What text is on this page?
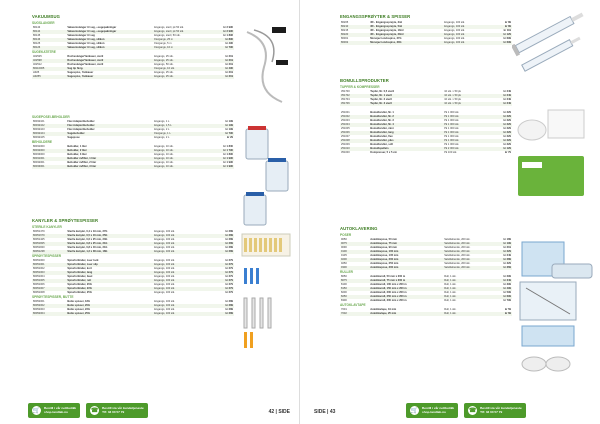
VAKUUMSUG
SUGSLANGER
86143	Vakuumslanger til sug, +sugepakningar	Engangs, steril, pk 50 stk.	kr 2 990
86144	Vakuumslanger til sug, +sugepakningar	Engangs, steril, pk 50 stk.	kr 2 990
86145	Vakuumslanger til sug	Engangs, steril, 50 stk.	kr 1 896
86146	Vakuumslanger til sug, silikon	Flergangs, 25 m	kr 890
86125	Vakuumslanger til sug, silikon	Flergangs, 5 m	kr 490
86126	Vakuumslanger til sug, silikon	Flergangs, 10 m	kr 790
SUGEKATETRE
402525	Rocheslange/Yankauer, steril	Engangs, 25 stk.	kr 219
402598	Rocheslange/Yankauer, steril	Engangs, 25 stk.	kr 219
402512	Rocheslange/Yankauer, steril	Engangs, 50 stk.	kr 219
86110005	Sug tip flerg.	Flergangs, 10 stk.	kr 490
H925	Sugespiss, Yankauer	Engangs, 25 stk.	kr 219
H9255	Sugespiss, Yankauer	Engangs, 25 stk.	kr 219
SUGEPOSE/-BEHOLDER
86032101	Flex Adapter/beholder	Engangs, 1 L	kr 199
86032102	Flex Adapter/beholder	Engangs, 1,5 L	kr 199
86032103	Flex Adapter/beholder	Engangs, 2 L	kr 199
86032104	Sugebeholder	Flergangs, 1 L	kr 790
86032105	Sugepose	Engangs, 2 L	kr 29
BEHOLDERE
86031000	Beholder, 1 liter	Engangs, 10 stk.	kr 1 830
86032000	Beholder, 2 liter	Engangs, 10 stk.	kr 1 790
86033000	Beholder, 3 liter	Engangs, 10 stk.	kr 1 890
86031001	Beholder m/filter, 1 liter	Engangs, 10 stk.	kr 1 990
86032001	Beholder m/filter, 2 liter	Engangs, 10 stk.	kr 1 990
86033001	Beholder m/filter, 3 liter	Engangs, 10 stk.	kr 1 990
KANYLER & SPRØYTESPISSER
STERILE KANYLER
86051479	Sterile kanyler, 0,4 x 19 mm, 27G	Engangs, 100 stk.	kr 289
86051679	Sterile kanyler, 0,5 x 16 mm, 25G	Engangs, 100 stk.	kr 289
86051425	Sterile kanyler, 0,6 x 25 mm, 23G	Engangs, 100 stk.	kr 289
86051825	Sterile kanyler, 0,8 x 25 mm, 21G	Engangs, 100 stk.	kr 289
86051840	Sterile kanyler, 0,8 x 40 mm, 21G	Engangs, 100 stk.	kr 289
86051238	Sterile kanyler, 1,2 x 38 mm, 18G	Engangs, 100 stk.	kr 289
SPRØYTESPISSER
86051000	Spissforbinder, Luer lock	Engangs, 100 stk.	kr 279
86051001	Spissforbinder, Luer slip	Engangs, 100 stk.	kr 279
86051002	Spissforbinder, kort	Engangs, 100 stk.	kr 279
86051003	Spissforbinder, lang	Engangs, 100 stk.	kr 279
86051004	Spissforbinder, buet	Engangs, 100 stk.	kr 279
86051005	Spissforbinder, rett	Engangs, 100 stk.	kr 279
86051006	Spissforbinder, 20G	Engangs, 100 stk.	kr 279
86051007	Spissforbinder, 22G	Engangs, 100 stk.	kr 279
86051008	Spissforbinder, 25G	Engangs, 100 stk.	kr 279
SPRØYTESPISSER, BUTTE
86052001	Butte spisser, 18G	Engangs, 100 stk.	kr 289
86052002	Butte spisser, 20G	Engangs, 100 stk.	kr 289
86052003	Butte spisser, 22G	Engangs, 100 stk.	kr 289
86052004	Butte spisser, 25G	Engangs, 100 stk.	kr 289
🛒 Bestill i vår nettbutikk
shop.tandlab.no	☎ Bestill via vår kundetjeneste
Tlf: 33 00 57 79	42 | SIDE
ENGANGSSPRØYTER & SPISSER
86205	3D - Engangssprøyte, 3ml	Engangs, 100 stk.	kr 89
86210	3D - Engangssprøyte, 5ml	Engangs, 100 stk.	kr 89
86215	3D - Engangssprøyte, 10ml	Engangs, 100 stk.	kr 119
86220	3D - Engangssprøyte, 20ml	Engangs, 100 stk.	kr 129
86301	Monoject endospiss, 27G	Engangs, 100 stk.	kr 699
86302	Monoject endospiss, 30G	Engangs, 100 stk.	kr 699
BOMULLSPRODUKTER
TUPFER & KOMPRESSER
351700	Tupfer, Nr. 0,5 steril	10 stk. x 50 pk	kr 249
351702	Tupfer, Nr. 1 steril	10 stk. x 50 pk	kr 249
351704	Tupfer, Nr. 2 steril	10 stk. x 50 pk	kr 249
351706	Tupfer, Nr. 3 steril	10 stk. x 50 pk	kr 249
251001	Bomullsruller, Nr. 1	Pk 1 000 stk.	kr 229
251002	Bomullsruller, Nr. 2	Pk 1 000 stk.	kr 229
251003	Bomullsruller, Nr. 3	Pk 1 000 stk.	kr 229
251004	Bomullsruller, Nr. 4	Pk 1 000 stk.	kr 229
251005	Bomullsruller, mini	Pk 1 000 stk.	kr 229
251006	Bomullsruller, lang	Pk 1 000 stk.	kr 229
251007	Bomullsruller, flex	Pk 1 000 stk.	kr 229
251008	Bomullsruller, plus	Pk 1 000 stk.	kr 229
251009	Bomullsruller, soft	Pk 1 000 stk.	kr 229
251010	Bomullspellets	Pk 2 000 stk.	kr 129
351000	Kompresser, 5 x 5 cm	Pk 100 stk.	kr 79
AUTOKLAVERING
POSER
9050	Autoklavpose, 50 mm	Selvklebende, 200 stk.	kr 189
9075	Autoklavpose, 75 mm	Selvklebende, 200 stk.	kr 199
9090	Autoklavpose, 90 mm	Selvklebende, 200 stk.	kr 219
9100	Autoklavpose, 100 mm	Selvklebende, 200 stk.	kr 229
9135	Autoklavpose, 135 mm	Selvklebende, 200 stk.	kr 249
9200	Autoklavpose, 200 mm	Selvklebende, 200 stk.	kr 289
9250	Autoklavpose, 250 mm	Selvklebende, 200 stk.	kr 329
9300	Autoklavpose, 300 mm	Selvklebende, 200 stk.	kr 369
RULLER
8050	Autoklavrull, 50 mm x 200 m	Rull, 1 stk.	kr 299
8075	Autoklavrull, 75 mm x 200 m	Rull, 1 stk.	kr 349
8100	Autoklavrull, 100 mm x 200 m	Rull, 1 stk.	kr 399
8150	Autoklavrull, 150 mm x 200 m	Rull, 1 stk.	kr 499
8200	Autoklavrull, 200 mm x 200 m	Rull, 1 stk.	kr 599
8250	Autoklavrull, 250 mm x 200 m	Rull, 1 stk.	kr 699
8300	Autoklavrull, 300 mm x 200 m	Rull, 1 stk.	kr 799
AUTOKLAVTAPE
7001	Autoklavtape, 19 mm	Rull, 1 stk.	kr 59
7002	Autoklavtape, 25 mm	Rull, 1 stk.	kr 69
SIDE | 43	🛒 Bestill i vår nettbutikk
shop.tandlab.no	☎ Bestill via vår kundetjeneste
Tlf: 33 00 57 79
